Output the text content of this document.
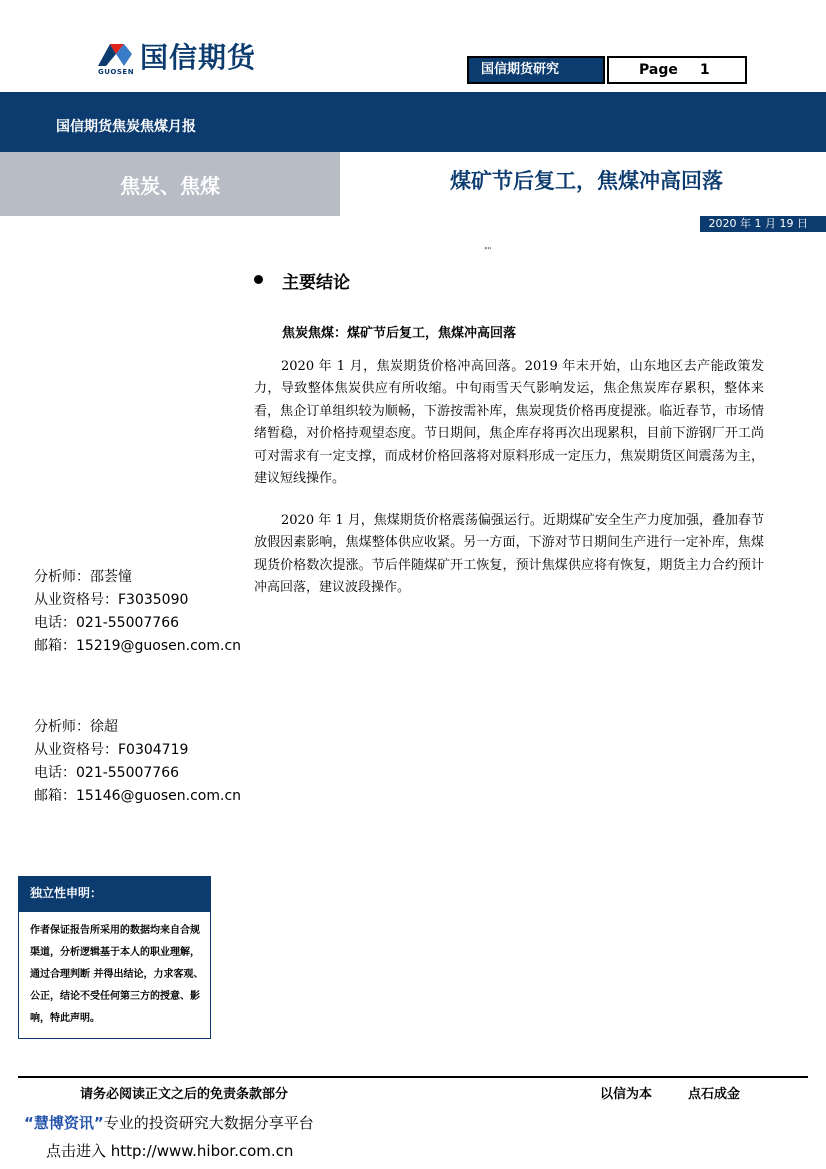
国信期货
GUOSEN	国信期货研究	Page 1
国信期货焦炭焦煤月报
焦炭、焦煤	煤矿节后复工，焦煤冲高回落
2020 年 1 月 19 日
""
主要结论
焦炭焦煤：煤矿节后复工，焦煤冲高回落
2020 年 1 月，焦炭期货价格冲高回落。2019 年末开始，山东地区去产能政策发力，导致整体焦炭供应有所收缩。中旬雨雪天气影响发运，焦企焦炭库存累积，整体来看，焦企订单组织较为顺畅，下游按需补库，焦炭现货价格再度提涨。临近春节，市场情绪暂稳，对价格持观望态度。节日期间，焦企库存将再次出现累积，目前下游钢厂开工尚可对需求有一定支撑，而成材价格回落将对原料形成一定压力，焦炭期货区间震荡为主，建议短线操作。
2020 年 1 月，焦煤期货价格震荡偏强运行。近期煤矿安全生产力度加强，叠加春节放假因素影响，焦煤整体供应收紧。另一方面，下游对节日期间生产进行一定补库，焦煤现货价格数次提涨。节后伴随煤矿开工恢复，预计焦煤供应将有恢复，期货主力合约预计冲高回落，建议波段操作。
分析师：邵荟憧
从业资格号：F3035090
电话：021-55007766
邮箱：15219@guosen.com.cn
分析师：徐超
从业资格号：F0304719
电话：021-55007766
邮箱：15146@guosen.com.cn
独立性申明：
作者保证报告所采用的数据均来自合规渠道，分析逻辑基于本人的职业理解，通过合理判断 并得出结论，力求客观、公正，结论不受任何第三方的授意、影响，特此声明。
请务必阅读正文之后的免责条款部分	以信为本	点石成金
“慧博资讯”专业的投资研究大数据分享平台
点击进入 http://www.hibor.com.cn
